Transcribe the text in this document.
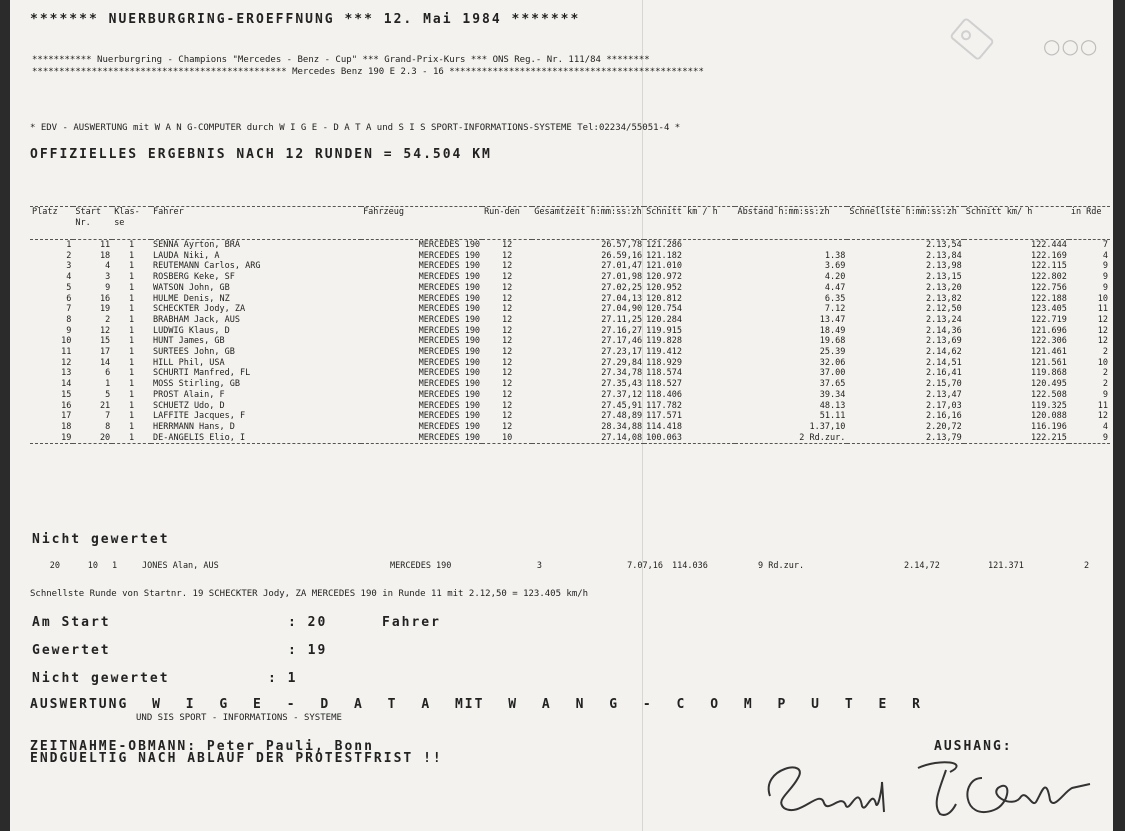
******* NUERBURGRING-EROEFFNUNG *** 12. Mai 1984 *******
*********** Nuerburgring - Champions "Mercedes - Benz - Cup" *** Grand-Prix-Kurs *** ONS Reg.- Nr. 111/84 ********
*********************************************** Mercedes Benz 190 E 2.3 - 16 ***********************************************
* EDV - AUSWERTUNG mit W A N G-COMPUTER durch W I G E - D A T A und S I S SPORT-INFORMATIONS-SYSTEME Tel:02234/55051-4 *
OFFIZIELLES ERGEBNIS NACH 12 RUNDEN = 54.504 KM
Platz	Start Nr.	Klas-se	Fahrer	Fahrzeug	Run-den	Gesamtzeit h:mm:ss:zh	Schnitt km / h	Abstand h:mm:ss:zh	Schnellste h:mm:ss:zh	Schnitt km/ h	in Rde
1	11	1	SENNA Ayrton, BRA	MERCEDES 190	12	26.57,78	121.286		2.13,54	122.444	7
2	18	1	LAUDA Niki, A	MERCEDES 190	12	26.59,16	121.182	1.38	2.13,84	122.169	4
3	4	1	REUTEMANN Carlos, ARG	MERCEDES 190	12	27.01,47	121.010	3.69	2.13,98	122.115	9
4	3	1	ROSBERG Keke, SF	MERCEDES 190	12	27.01,98	120.972	4.20	2.13,15	122.802	9
5	9	1	WATSON John, GB	MERCEDES 190	12	27.02,25	120.952	4.47	2.13,20	122.756	9
6	16	1	HULME Denis, NZ	MERCEDES 190	12	27.04,13	120.812	6.35	2.13,82	122.188	10
7	19	1	SCHECKTER Jody, ZA	MERCEDES 190	12	27.04,90	120.754	7.12	2.12,50	123.405	11
8	2	1	BRABHAM Jack, AUS	MERCEDES 190	12	27.11,25	120.284	13.47	2.13,24	122.719	12
9	12	1	LUDWIG Klaus, D	MERCEDES 190	12	27.16,27	119.915	18.49	2.14,36	121.696	12
10	15	1	HUNT James, GB	MERCEDES 190	12	27.17,46	119.828	19.68	2.13,69	122.306	12
11	17	1	SURTEES John, GB	MERCEDES 190	12	27.23,17	119.412	25.39	2.14,62	121.461	2
12	14	1	HILL Phil, USA	MERCEDES 190	12	27.29,84	118.929	32.06	2.14,51	121.561	10
13	6	1	SCHURTI Manfred, FL	MERCEDES 190	12	27.34,78	118.574	37.00	2.16,41	119.868	2
14	1	1	MOSS Stirling, GB	MERCEDES 190	12	27.35,43	118.527	37.65	2.15,70	120.495	2
15	5	1	PROST Alain, F	MERCEDES 190	12	27.37,12	118.406	39.34	2.13,47	122.508	9
16	21	1	SCHUETZ Udo, D	MERCEDES 190	12	27.45,91	117.782	48.13	2.17,03	119.325	11
17	7	1	LAFFITE Jacques, F	MERCEDES 190	12	27.48,89	117.571	51.11	2.16,16	120.088	12
18	8	1	HERRMANN Hans, D	MERCEDES 190	12	28.34,88	114.418	1.37,10	2.20,72	116.196	4
19	20	1	DE-ANGELIS Elio, I	MERCEDES 190	10	27.14,08	100.063	2 Rd.zur.	2.13,79	122.215	9
Nicht gewertet
20	10 1	JONES Alan, AUS	MERCEDES 190	3	7.07,16 114.036	9 Rd.zur.	2.14,72	121.371	2
Schnellste Runde von Startnr. 19 SCHECKTER Jody, ZA MERCEDES 190 in Runde 11 mit 2.12,50 = 123.405 km/h
Am Start	: 20	Fahrer
Gewertet	: 19
Nicht gewertet	: 1
AUSWERTUNG W I G E - D A T A MIT W A N G - C O M P U T E R
UND SIS SPORT - INFORMATIONS - SYSTEME
ZEITNAHME-OBMANN: Peter Pauli, Bonn
ENDGUELTIG NACH ABLAUF DER PROTESTFRIST !!
AUSHANG:
○○○
